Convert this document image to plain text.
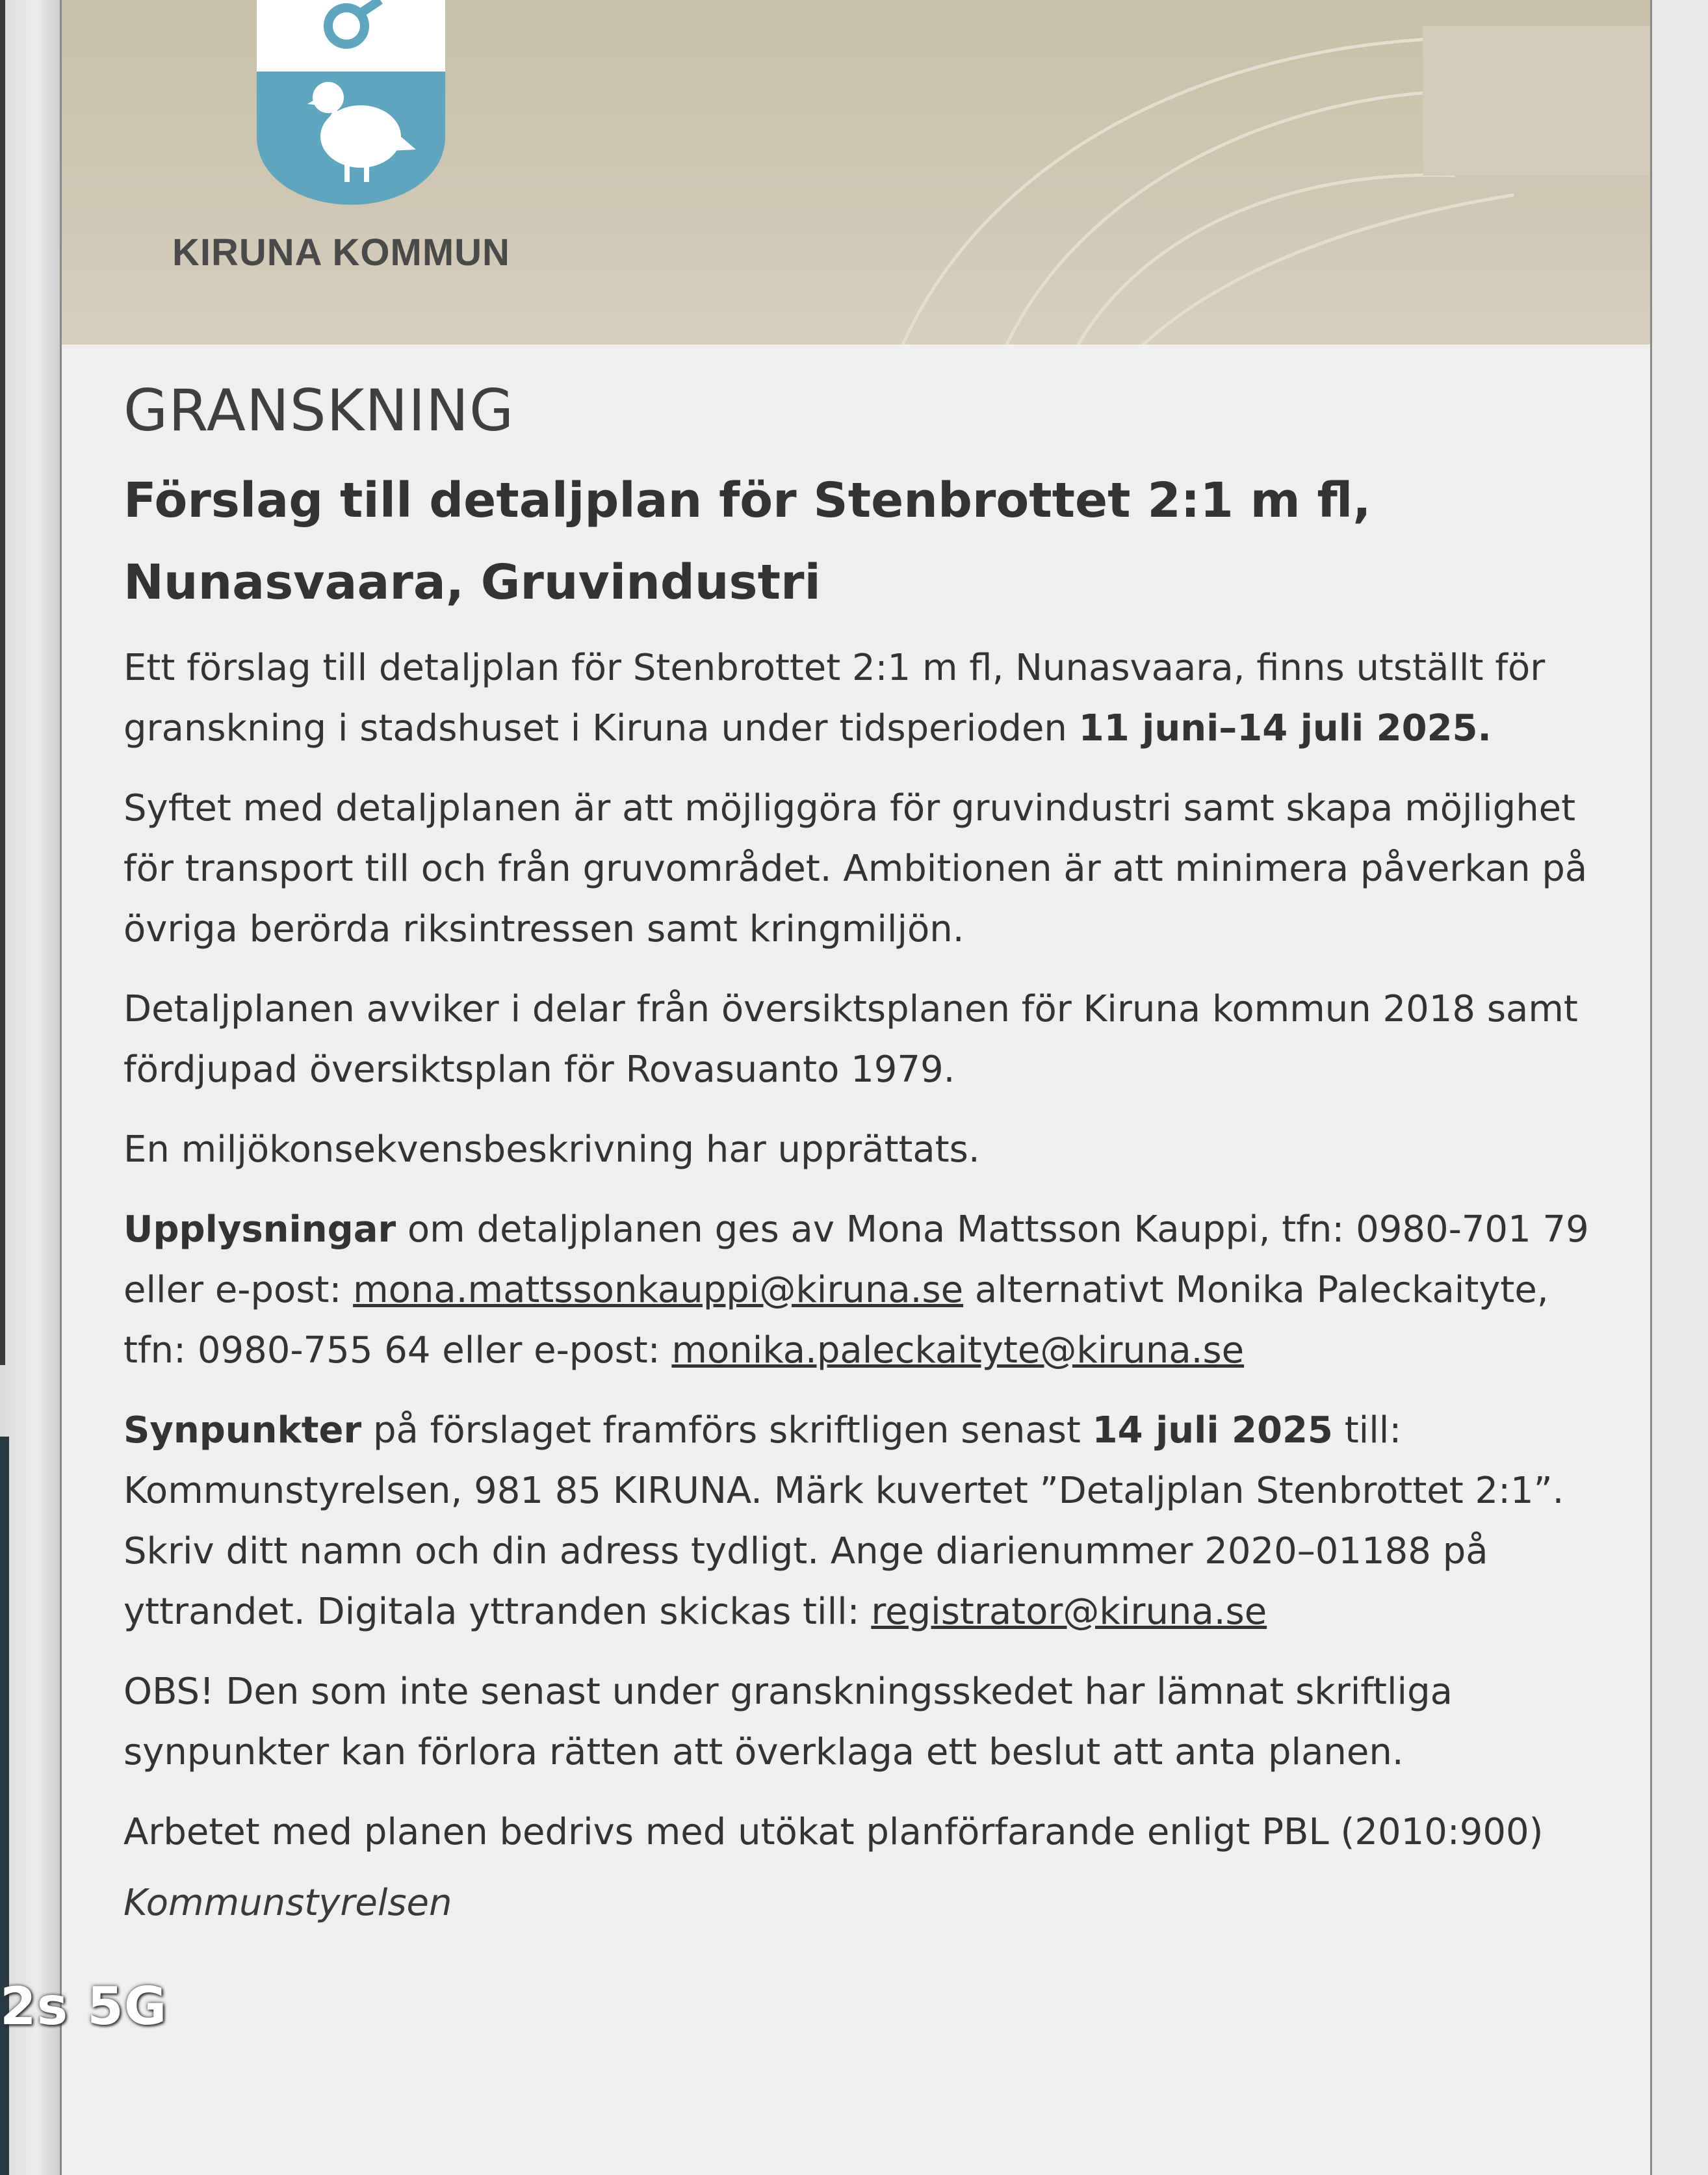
KIRUNA KOMMUN
GRANSKNING
Förslag till detaljplan för Stenbrottet 2:1 m fl, Nunasvaara, Gruvindustri

Ett förslag till detaljplan för Stenbrottet 2:1 m fl, Nunasvaara, finns utställt för granskning i stadshuset i Kiruna under tidsperioden 11 juni–14 juli 2025.

Syftet med detaljplanen är att möjliggöra för gruvindustri samt skapa möjlighet för transport till och från gruvområdet. Ambitionen är att minimera påverkan på övriga berörda riksintressen samt kringmiljön.

Detaljplanen avviker i delar från översiktsplanen för Kiruna kommun 2018 samt fördjupad översiktsplan för Rovasuanto 1979.

En miljökonsekvensbeskrivning har upprättats.

Upplysningar om detaljplanen ges av Mona Mattsson Kauppi, tfn: 0980-701 79 eller e-post: mona.mattssonkauppi@kiruna.se alternativt Monika Paleckaityte, tfn: 0980-755 64 eller e-post: monika.paleckaityte@kiruna.se

Synpunkter på förslaget framförs skriftligen senast 14 juli 2025 till: Kommunstyrelsen, 981 85 KIRUNA. Märk kuvertet ”Detaljplan Stenbrottet 2:1”. Skriv ditt namn och din adress tydligt. Ange diarienummer 2020–01188 på yttrandet. Digitala yttranden skickas till: registrator@kiruna.se

OBS! Den som inte senast under granskningsskedet har lämnat skriftliga synpunkter kan förlora rätten att överklaga ett beslut att anta planen.

Arbetet med planen bedrivs med utökat planförfarande enligt PBL (2010:900)

Kommunstyrelsen
2s 5G
